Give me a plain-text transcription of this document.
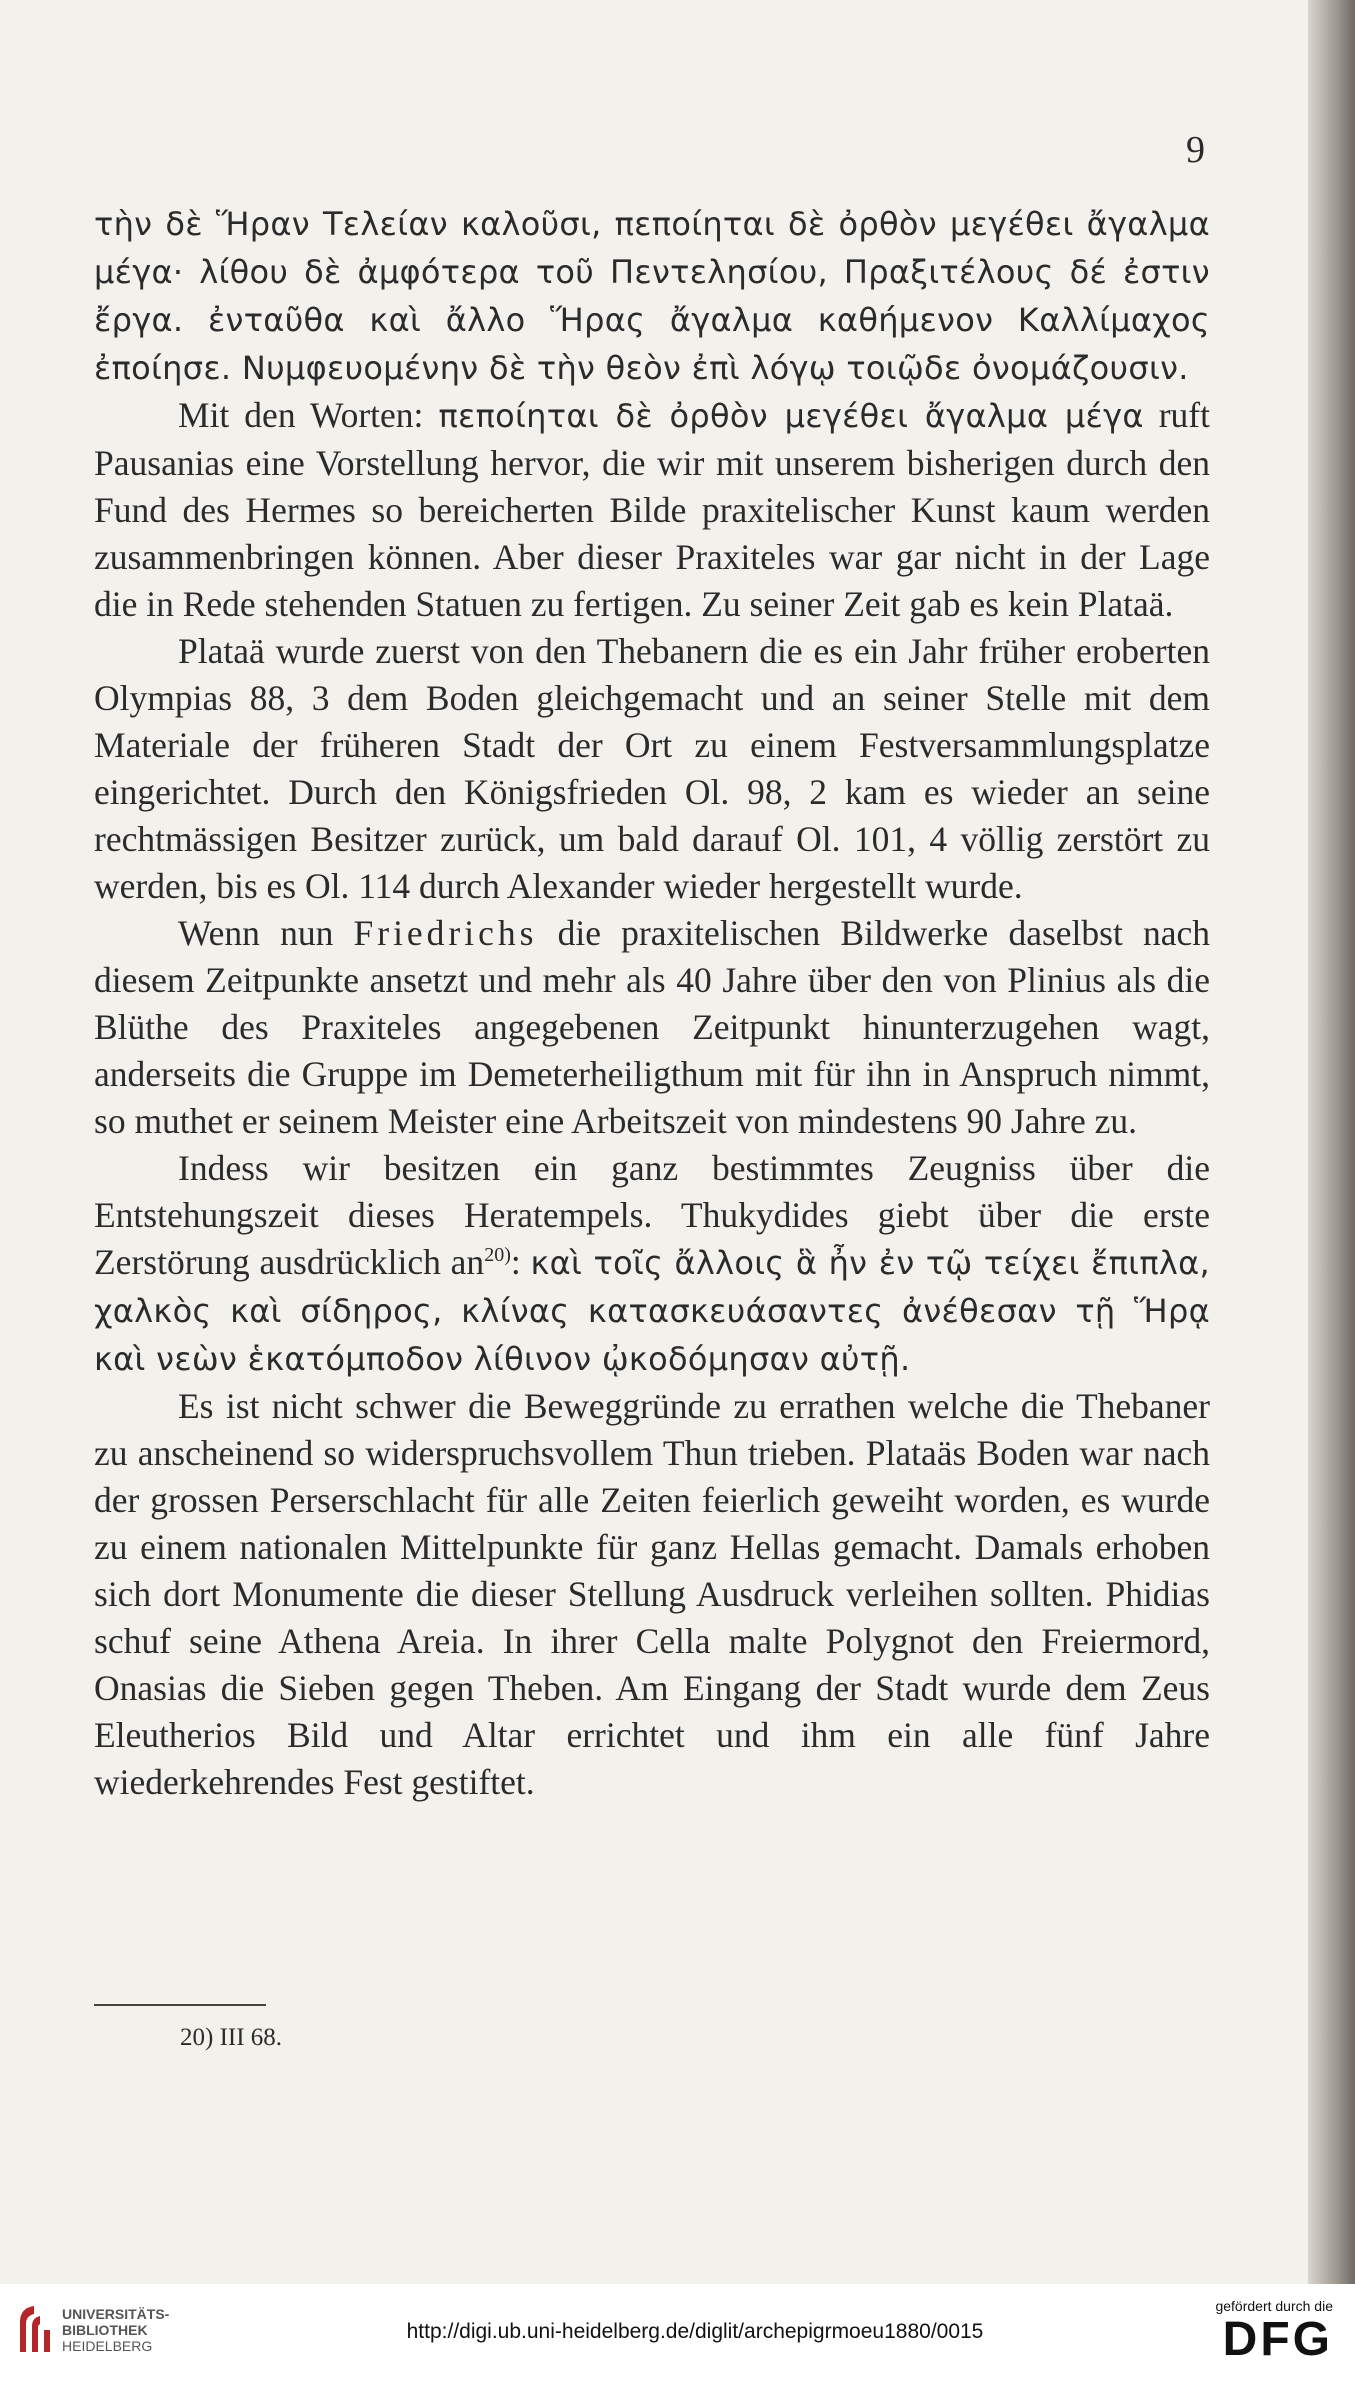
9

τὴν δὲ Ἥραν Τελείαν καλοῦσι, πεποίηται δὲ ὀρθὸν μεγέθει ἄγαλμα μέγα· λίθου δὲ ἀμφότερα τοῦ Πεντελησίου, Πραξιτέλους δέ ἐστιν ἔργα. ἐνταῦθα καὶ ἄλλο Ἥρας ἄγαλμα καθήμενον Καλλίμαχος ἐποίησε. Νυμφευομένην δὲ τὴν θεὸν ἐπὶ λόγῳ τοιῷδε ὀνομάζουσιν.

Mit den Worten: πεποίηται δὲ ὀρθὸν μεγέθει ἄγαλμα μέγα ruft Pausanias eine Vorstellung hervor, die wir mit unserem bisherigen durch den Fund des Hermes so bereicherten Bilde praxitelischer Kunst kaum werden zusammenbringen können. Aber dieser Praxiteles war gar nicht in der Lage die in Rede stehenden Statuen zu fertigen. Zu seiner Zeit gab es kein Plataä.

Plataä wurde zuerst von den Thebanern die es ein Jahr früher eroberten Olympias 88, 3 dem Boden gleichgemacht und an seiner Stelle mit dem Materiale der früheren Stadt der Ort zu einem Festversammlungsplatze eingerichtet. Durch den Königsfrieden Ol. 98, 2 kam es wieder an seine rechtmässigen Besitzer zurück, um bald darauf Ol. 101, 4 völlig zerstört zu werden, bis es Ol. 114 durch Alexander wieder hergestellt wurde.

Wenn nun Friedrichs die praxitelischen Bildwerke daselbst nach diesem Zeitpunkte ansetzt und mehr als 40 Jahre über den von Plinius als die Blüthe des Praxiteles angegebenen Zeitpunkt hinunterzugehen wagt, anderseits die Gruppe im Demeterheiligthum mit für ihn in Anspruch nimmt, so muthet er seinem Meister eine Arbeitszeit von mindestens 90 Jahre zu.

Indess wir besitzen ein ganz bestimmtes Zeugniss über die Entstehungszeit dieses Heratempels. Thukydides giebt über die erste Zerstörung ausdrücklich an$^{20)}$: καὶ τοῖς ἄλλοις ἃ ἦν ἐν τῷ τείχει ἔπιπλα, χαλκὸς καὶ σίδηρος, κλίνας κατασκευάσαντες ἀνέθεσαν τῇ Ἥρᾳ καὶ νεὼν ἑκατόμποδον λίθινον ᾠκοδόμησαν αὐτῇ.

Es ist nicht schwer die Beweggründe zu errathen welche die Thebaner zu anscheinend so widerspruchsvollem Thun trieben. Plataäs Boden war nach der grossen Perserschlacht für alle Zeiten feierlich geweiht worden, es wurde zu einem nationalen Mittelpunkte für ganz Hellas gemacht. Damals erhoben sich dort Monumente die dieser Stellung Ausdruck verleihen sollten. Phidias schuf seine Athena Areia. In ihrer Cella malte Polygnot den Freiermord, Onasias die Sieben gegen Theben. Am Eingang der Stadt wurde dem Zeus Eleutherios Bild und Altar errichtet und ihm ein alle fünf Jahre wiederkehrendes Fest gestiftet.

20) III 68.
UNIVERSITÄTS-
BIBLIOTHEK
HEIDELBERG
http://digi.ub.uni-heidelberg.de/diglit/archepigrmoeu1880/0015
gefördert durch die
DFG
